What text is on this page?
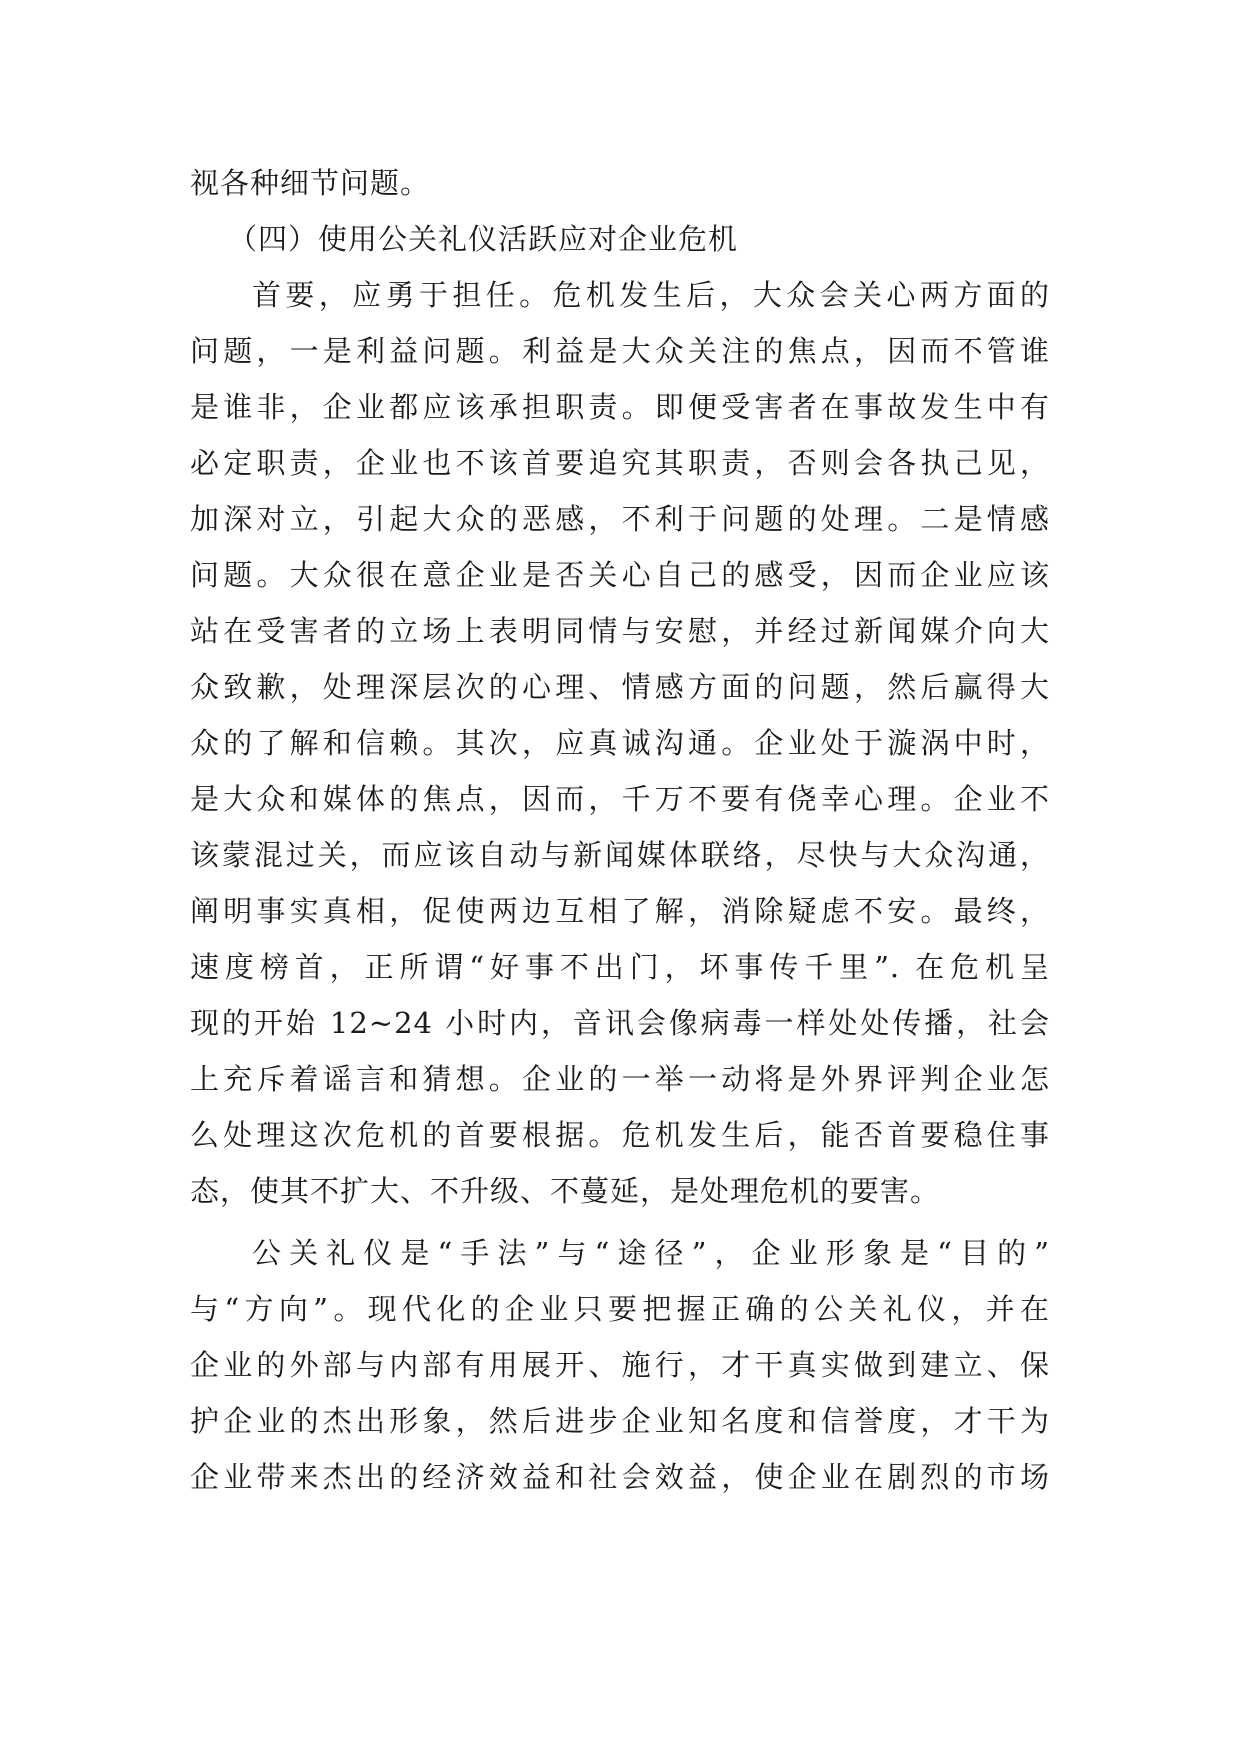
视各种细节问题。
（四）使用公关礼仪活跃应对企业危机
首要，应勇于担任。危机发生后，大众会关心两方面的
问题，一是利益问题。利益是大众关注的焦点，因而不管谁
是谁非，企业都应该承担职责。即便受害者在事故发生中有
必定职责，企业也不该首要追究其职责，否则会各执己见，
加深对立，引起大众的恶感，不利于问题的处理。二是情感
问题。大众很在意企业是否关心自己的感受，因而企业应该
站在受害者的立场上表明同情与安慰，并经过新闻媒介向大
众致歉，处理深层次的心理、情感方面的问题，然后赢得大
众的了解和信赖。其次，应真诚沟通。企业处于漩涡中时，
是大众和媒体的焦点，因而，千万不要有侥幸心理。企业不
该蒙混过关，而应该自动与新闻媒体联络，尽快与大众沟通，
阐明事实真相，促使两边互相了解，消除疑虑不安。最终，
速度榜首，正所谓“好事不出门，坏事传千里”. 在危机呈
现的开始 12~24 小时内，音讯会像病毒一样处处传播，社会
上充斥着谣言和猜想。企业的一举一动将是外界评判企业怎
么处理这次危机的首要根据。危机发生后，能否首要稳住事
态，使其不扩大、不升级、不蔓延，是处理危机的要害。
公关礼仪是“手法”与“途径”，企业形象是“目的”
与“方向”。现代化的企业只要把握正确的公关礼仪，并在
企业的外部与内部有用展开、施行，才干真实做到建立、保
护企业的杰出形象，然后进步企业知名度和信誉度，才干为
企业带来杰出的经济效益和社会效益，使企业在剧烈的市场
